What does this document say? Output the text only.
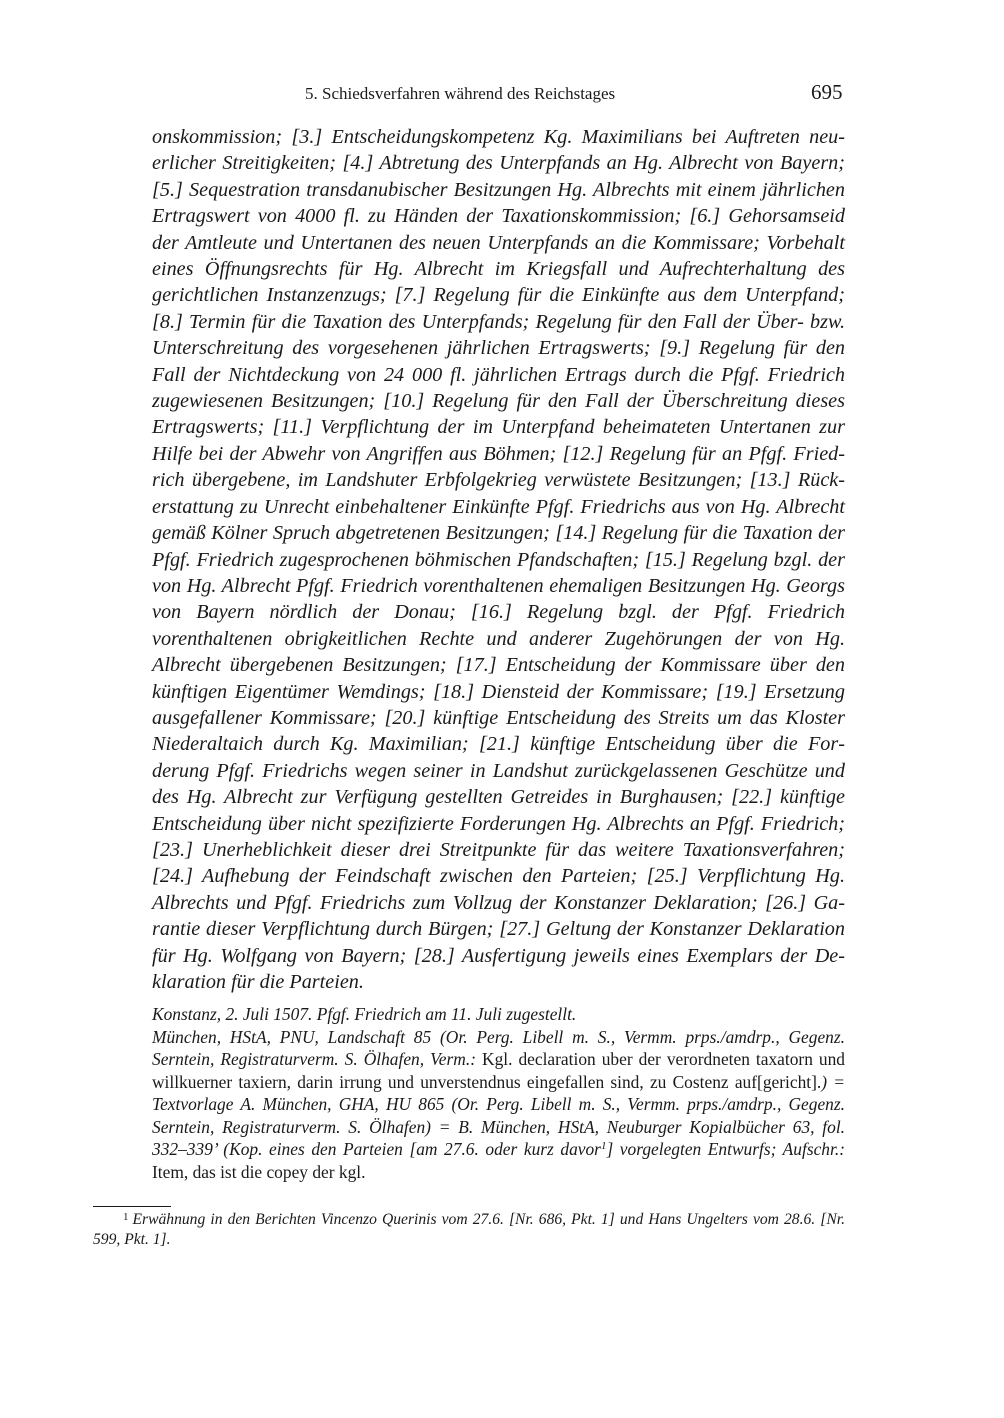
5. Schiedsverfahren während des Reichstages	695

onskommission; [3.] Entscheidungskompetenz Kg. Maximilians bei Auftreten neuerlicher Streitigkeiten; [4.] Abtretung des Unterpfands an Hg. Albrecht von Bayern; [5.] Sequestration transdanubischer Besitzungen Hg. Albrechts mit einem jährlichen Ertragswert von 4000 fl. zu Händen der Taxationskommission; [6.] Gehorsamseid der Amtleute und Untertanen des neuen Unterpfands an die Kommissare; Vorbehalt eines Öffnungsrechts für Hg. Albrecht im Kriegsfall und Aufrechterhaltung des gerichtlichen Instanzenzugs; [7.] Regelung für die Einkünfte aus dem Unterpfand; [8.] Termin für die Taxation des Unterpfands; Regelung für den Fall der Über- bzw. Unterschreitung des vorgesehenen jährlichen Ertragswerts; [9.] Regelung für den Fall der Nichtdeckung von 24 000 fl. jährlichen Ertrags durch die Pfgf. Friedrich zugewiesenen Besitzungen; [10.] Regelung für den Fall der Überschreitung dieses Ertragswerts; [11.] Verpflichtung der im Unterpfand beheimateten Untertanen zur Hilfe bei der Abwehr von Angriffen aus Böhmen; [12.] Regelung für an Pfgf. Friedrich übergebene, im Landshuter Erbfolgekrieg verwüstete Besitzungen; [13.] Rückerstattung zu Unrecht einbehaltener Einkünfte Pfgf. Friedrichs aus von Hg. Albrecht gemäß Kölner Spruch abgetretenen Besitzungen; [14.] Regelung für die Taxation der Pfgf. Friedrich zugesprochenen böhmischen Pfandschaften; [15.] Regelung bzgl. der von Hg. Albrecht Pfgf. Friedrich vorenthaltenen ehemaligen Besitzungen Hg. Georgs von Bayern nördlich der Donau; [16.] Regelung bzgl. der Pfgf. Friedrich vorenthaltenen obrigkeitlichen Rechte und anderer Zugehörungen der von Hg. Albrecht übergebenen Besitzungen; [17.] Entscheidung der Kommissare über den künftigen Eigentümer Wemdings; [18.] Diensteid der Kommissare; [19.] Ersetzung ausgefallener Kommissare; [20.] künftige Entscheidung des Streits um das Kloster Niederaltaich durch Kg. Maximilian; [21.] künftige Entscheidung über die Forderung Pfgf. Friedrichs wegen seiner in Landshut zurückgelassenen Geschütze und des Hg. Albrecht zur Verfügung gestellten Getreides in Burghausen; [22.] künftige Entscheidung über nicht spezifizierte Forderungen Hg. Albrechts an Pfgf. Friedrich; [23.] Unerheblichkeit dieser drei Streitpunkte für das weitere Taxationsverfahren; [24.] Aufhebung der Feindschaft zwischen den Parteien; [25.] Verpflichtung Hg. Albrechts und Pfgf. Friedrichs zum Vollzug der Konstanzer Deklaration; [26.] Garantie dieser Verpflichtung durch Bürgen; [27.] Geltung der Konstanzer Deklaration für Hg. Wolfgang von Bayern; [28.] Ausfertigung jeweils eines Exemplars der Deklaration für die Parteien.

Konstanz, 2. Juli 1507. Pfgf. Friedrich am 11. Juli zugestellt.
München, HStA, PNU, Landschaft 85 (Or. Perg. Libell m. S., Vermm. prps./amdrp., Gegenz. Serntein, Registraturverm. S. Ölhafen, Verm.: Kgl. declaration uber der verordneten taxatorn und willkuerner taxiern, darin irrung und unverstendnus eingefallen sind, zu Costenz auf[gericht].) = Textvorlage A. München, GHA, HU 865 (Or. Perg. Libell m. S., Vermm. prps./amdrp., Gegenz. Serntein, Registraturverm. S. Ölhafen) = B. München, HStA, Neuburger Kopialbücher 63, fol. 332–339’ (Kop. eines den Parteien [am 27.6. oder kurz davor$^1$] vorgelegten Entwurfs; Aufschr.: Item, das ist die copey der kgl.

$^1$ Erwähnung in den Berichten Vincenzo Querinis vom 27.6. [Nr. 686, Pkt. 1] und Hans Ungelters vom 28.6. [Nr. 599, Pkt. 1].
